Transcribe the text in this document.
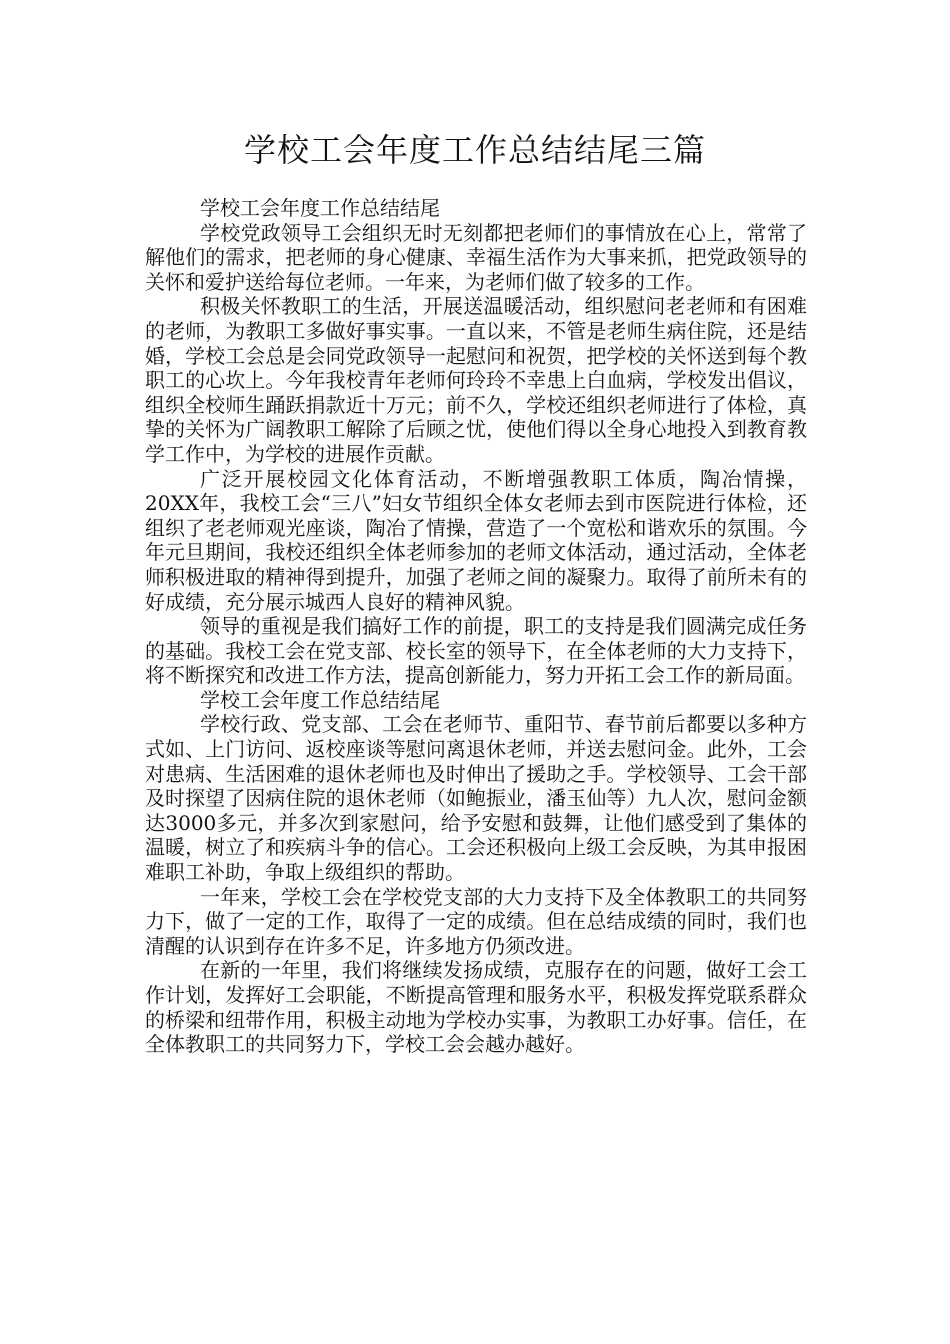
学校工会年度工作总结结尾三篇

学校工会年度工作总结结尾

学校党政领导工会组织无时无刻都把老师们的事情放在心上，常常了解他们的需求，把老师的身心健康、幸福生活作为大事来抓，把党政领导的关怀和爱护送给每位老师。一年来，为老师们做了较多的工作。

积极关怀教职工的生活，开展送温暖活动，组织慰问老老师和有困难的老师，为教职工多做好事实事。一直以来，不管是老师生病住院，还是结婚，学校工会总是会同党政领导一起慰问和祝贺，把学校的关怀送到每个教职工的心坎上。今年我校青年老师何玲玲不幸患上白血病，学校发出倡议，组织全校师生踊跃捐款近十万元；前不久，学校还组织老师进行了体检，真挚的关怀为广阔教职工解除了后顾之忧，使他们得以全身心地投入到教育教学工作中，为学校的进展作贡献。

广泛开展校园文化体育活动，不断增强教职工体质，陶冶情操，20XX年，我校工会“三八”妇女节组织全体女老师去到市医院进行体检，还组织了老老师观光座谈，陶冶了情操，营造了一个宽松和谐欢乐的氛围。今年元旦期间，我校还组织全体老师参加的老师文体活动，通过活动，全体老师积极进取的精神得到提升，加强了老师之间的凝聚力。取得了前所未有的好成绩，充分展示城西人良好的精神风貌。

领导的重视是我们搞好工作的前提，职工的支持是我们圆满完成任务的基础。我校工会在党支部、校长室的领导下，在全体老师的大力支持下，将不断探究和改进工作方法，提高创新能力，努力开拓工会工作的新局面。

学校工会年度工作总结结尾

学校行政、党支部、工会在老师节、重阳节、春节前后都要以多种方式如、上门访问、返校座谈等慰问离退休老师，并送去慰问金。此外，工会对患病、生活困难的退休老师也及时伸出了援助之手。学校领导、工会干部及时探望了因病住院的退休老师（如鲍振业，潘玉仙等）九人次，慰问金额达3000多元，并多次到家慰问，给予安慰和鼓舞，让他们感受到了集体的温暖，树立了和疾病斗争的信心。工会还积极向上级工会反映，为其申报困难职工补助，争取上级组织的帮助。

一年来，学校工会在学校党支部的大力支持下及全体教职工的共同努力下，做了一定的工作，取得了一定的成绩。但在总结成绩的同时，我们也清醒的认识到存在许多不足，许多地方仍须改进。

在新的一年里，我们将继续发扬成绩，克服存在的问题，做好工会工作计划，发挥好工会职能，不断提高管理和服务水平，积极发挥党联系群众的桥梁和纽带作用，积极主动地为学校办实事，为教职工办好事。信任，在全体教职工的共同努力下，学校工会会越办越好。
